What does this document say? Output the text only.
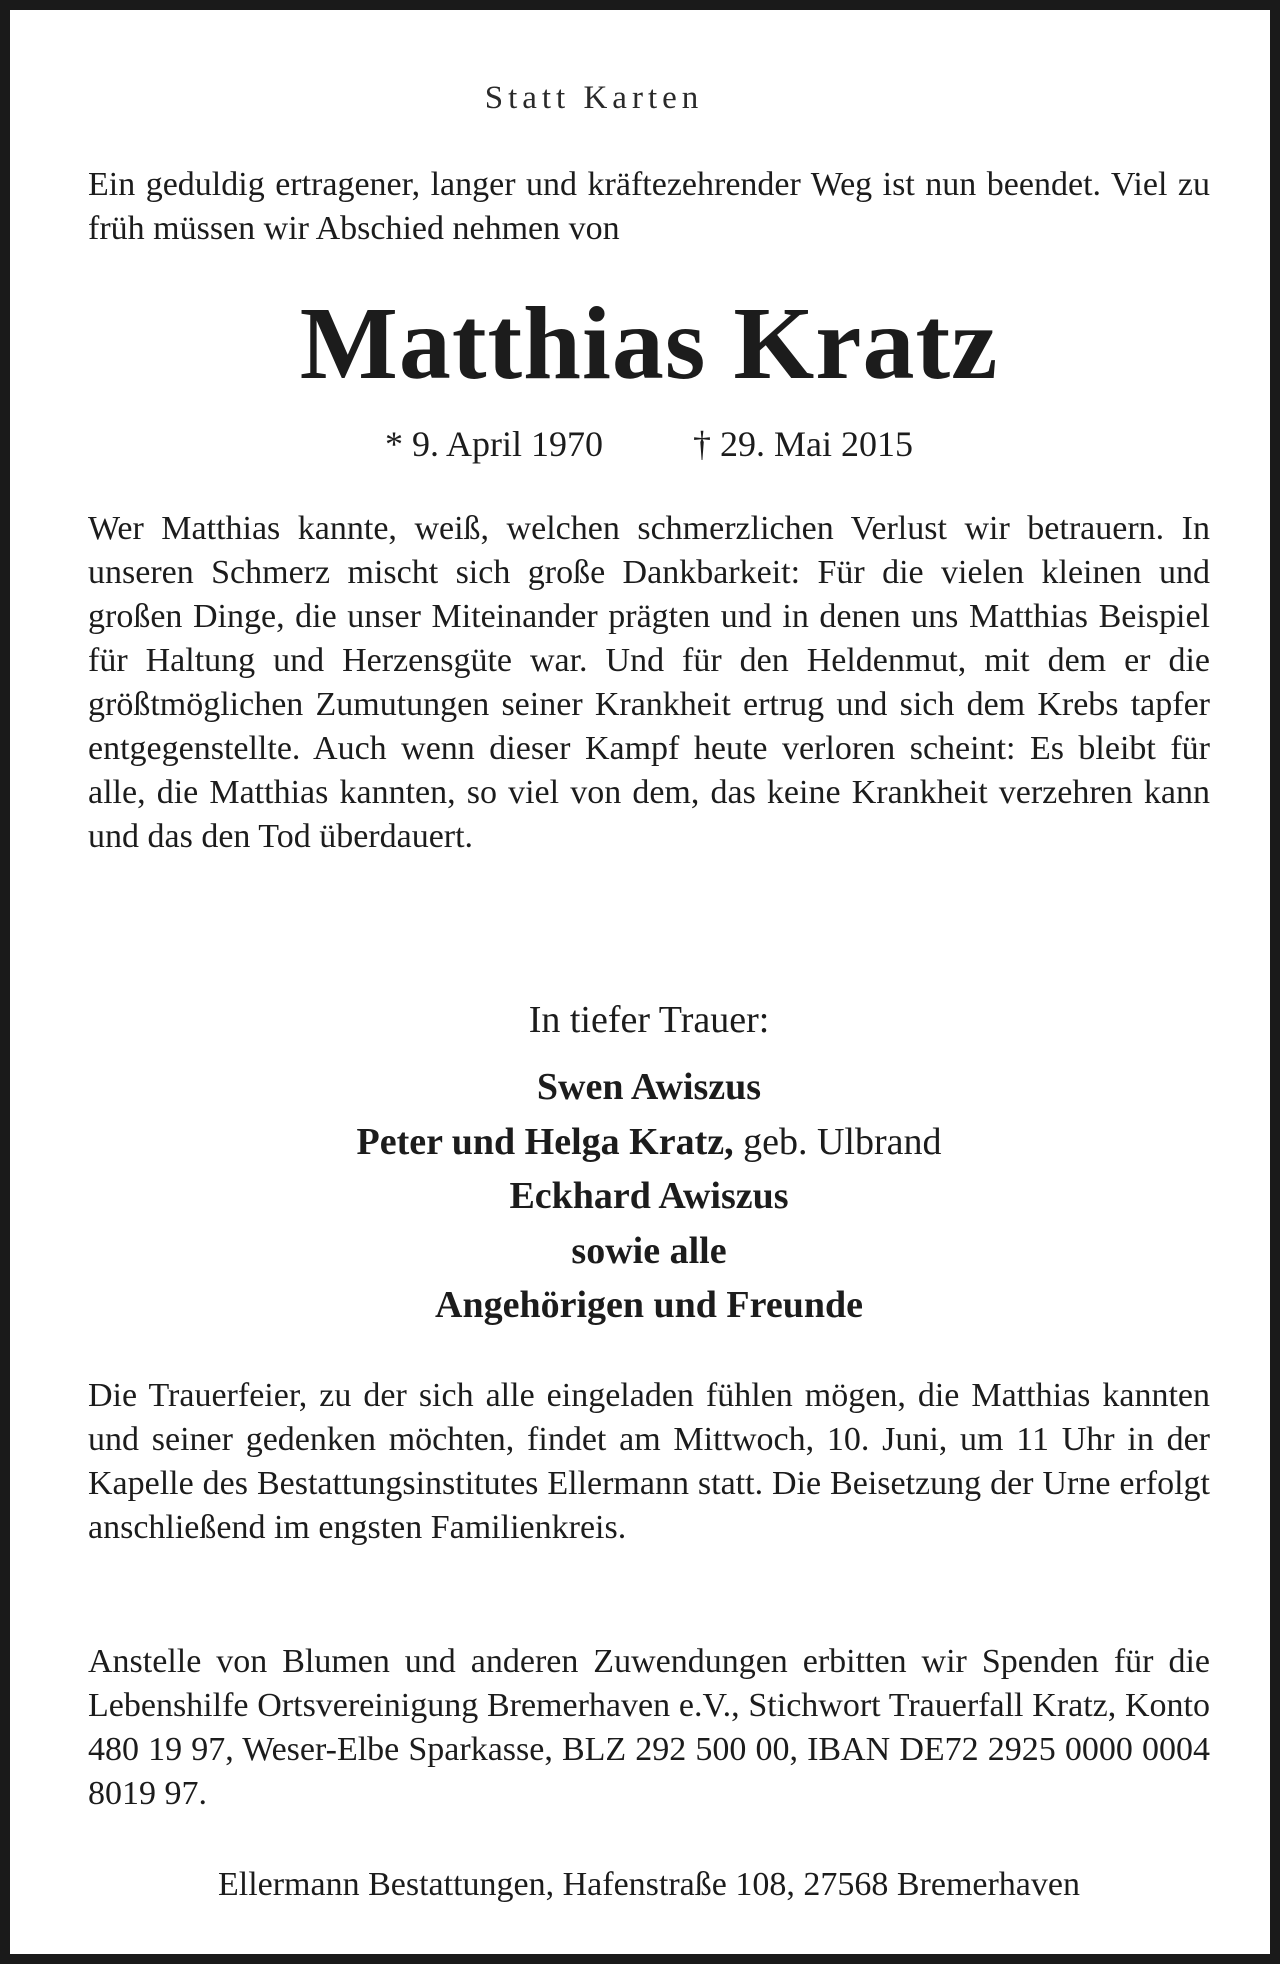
Statt Karten

Ein geduldig ertragener, langer und kräftezehrender Weg ist nun beendet. Viel zu früh müssen wir Abschied nehmen von

Matthias Kratz
* 9. April 1970	† 29. Mai 2015

Wer Matthias kannte, weiß, welchen schmerzlichen Verlust wir betrauern. In unseren Schmerz mischt sich große Dankbarkeit: Für die vielen kleinen und großen Dinge, die unser Miteinander prägten und in denen uns Matthias Beispiel für Haltung und Herzensgüte war. Und für den Heldenmut, mit dem er die größtmöglichen Zumutungen seiner Krankheit ertrug und sich dem Krebs tapfer entgegenstellte. Auch wenn dieser Kampf heute verloren scheint: Es bleibt für alle, die Matthias kannten, so viel von dem, das keine Krankheit verzehren kann und das den Tod überdauert.

In tiefer Trauer:
Swen Awiszus
Peter und Helga Kratz, geb. Ulbrand
Eckhard Awiszus
sowie alle
Angehörigen und Freunde

Die Trauerfeier, zu der sich alle eingeladen fühlen mögen, die Matthias kannten und seiner gedenken möchten, findet am Mittwoch, 10. Juni, um 11 Uhr in der Kapelle des Bestattungsinstitutes Ellermann statt. Die Beisetzung der Urne erfolgt anschließend im engsten Familienkreis.

Anstelle von Blumen und anderen Zuwendungen erbitten wir Spenden für die Lebenshilfe Ortsvereinigung Bremerhaven e.V., Stichwort Trauerfall Kratz, Konto 480 19 97, Weser-Elbe Sparkasse, BLZ 292 500 00, IBAN DE72 2925 0000 0004 8019 97.

Ellermann Bestattungen, Hafenstraße 108, 27568 Bremerhaven
